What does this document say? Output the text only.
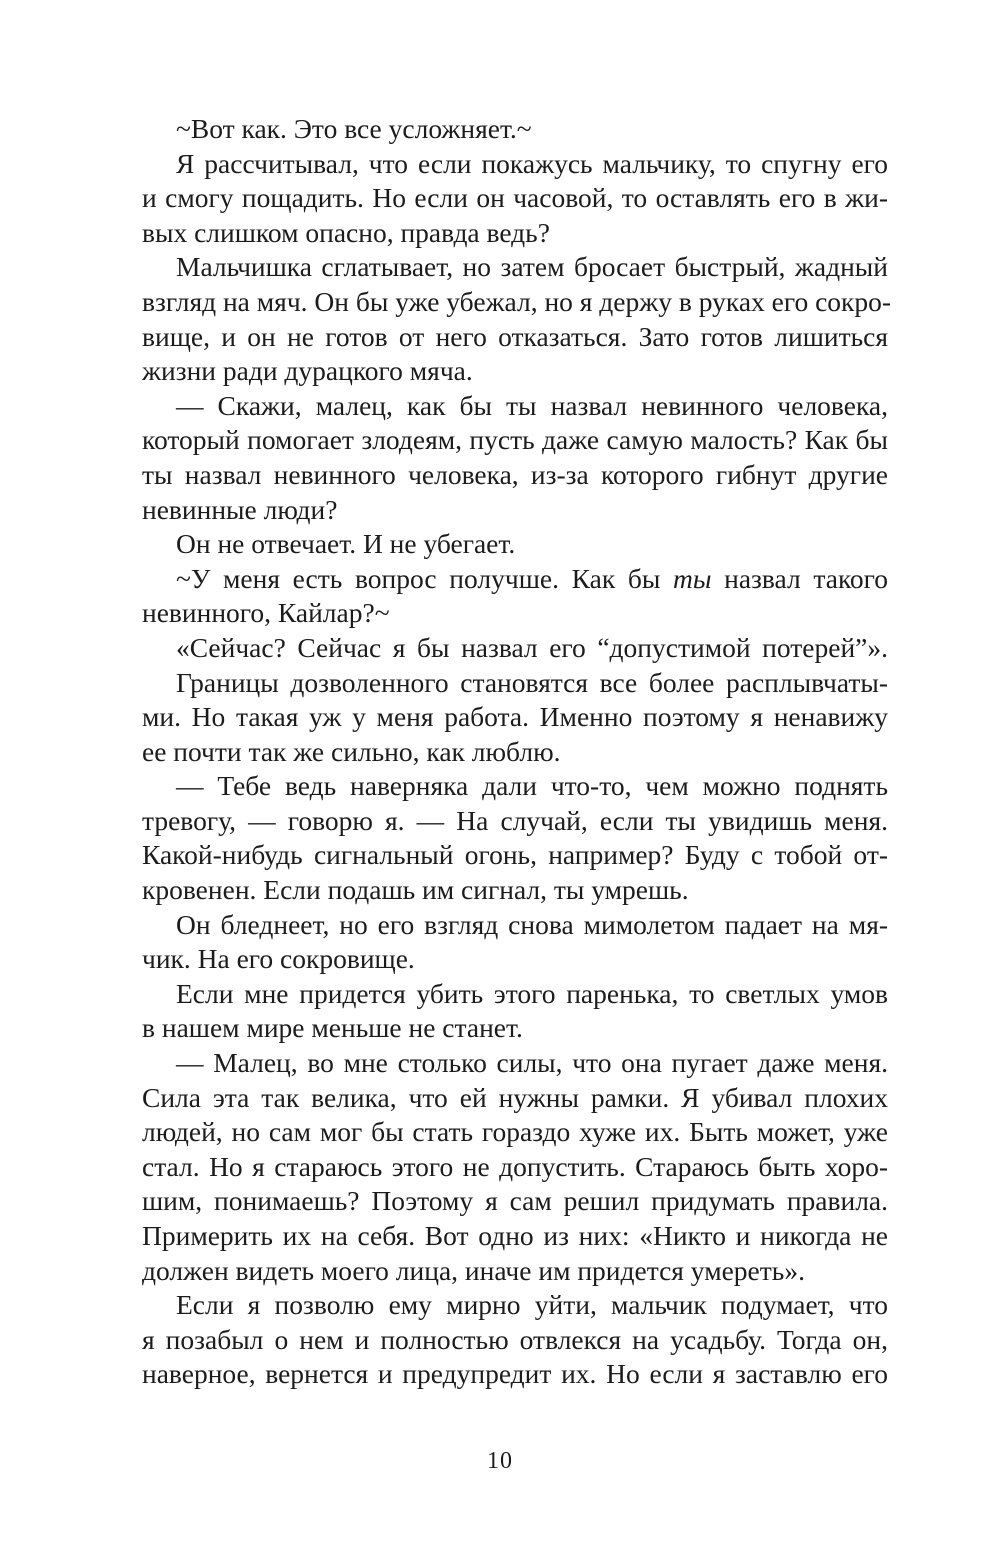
~Вот как. Это все усложняет.~
Я рассчитывал, что если покажусь мальчику, то спугну его
и смогу пощадить. Но если он часовой, то оставлять его в жи-
вых слишком опасно, правда ведь?
Мальчишка сглатывает, но затем бросает быстрый, жадный
взгляд на мяч. Он бы уже убежал, но я держу в руках его сокро-
вище, и он не готов от него отказаться. Зато готов лишиться
жизни ради дурацкого мяча.
— Скажи, малец, как бы ты назвал невинного человека,
который помогает злодеям, пусть даже самую малость? Как бы
ты назвал невинного человека, из-за которого гибнут другие
невинные люди?
Он не отвечает. И не убегает.
~У меня есть вопрос получше. Как бы ты назвал такого
невинного, Кайлар?~
«Сейчас? Сейчас я бы назвал его “допустимой потерей”».
Границы дозволенного становятся все более расплывчаты-
ми. Но такая уж у меня работа. Именно поэтому я ненавижу
ее почти так же сильно, как люблю.
— Тебе ведь наверняка дали что-то, чем можно поднять
тревогу, — говорю я. — На случай, если ты увидишь меня.
Какой-нибудь сигнальный огонь, например? Буду с тобой от-
кровенен. Если подашь им сигнал, ты умрешь.
Он бледнеет, но его взгляд снова мимолетом падает на мя-
чик. На его сокровище.
Если мне придется убить этого паренька, то светлых умов
в нашем мире меньше не станет.
— Малец, во мне столько силы, что она пугает даже меня.
Сила эта так велика, что ей нужны рамки. Я убивал плохих
людей, но сам мог бы стать гораздо хуже их. Быть может, уже
стал. Но я стараюсь этого не допустить. Стараюсь быть хоро-
шим, понимаешь? Поэтому я сам решил придумать правила.
Примерить их на себя. Вот одно из них: «Никто и никогда не
должен видеть моего лица, иначе им придется умереть».
Если я позволю ему мирно уйти, мальчик подумает, что
я позабыл о нем и полностью отвлекся на усадьбу. Тогда он,
наверное, вернется и предупредит их. Но если я заставлю его
10
